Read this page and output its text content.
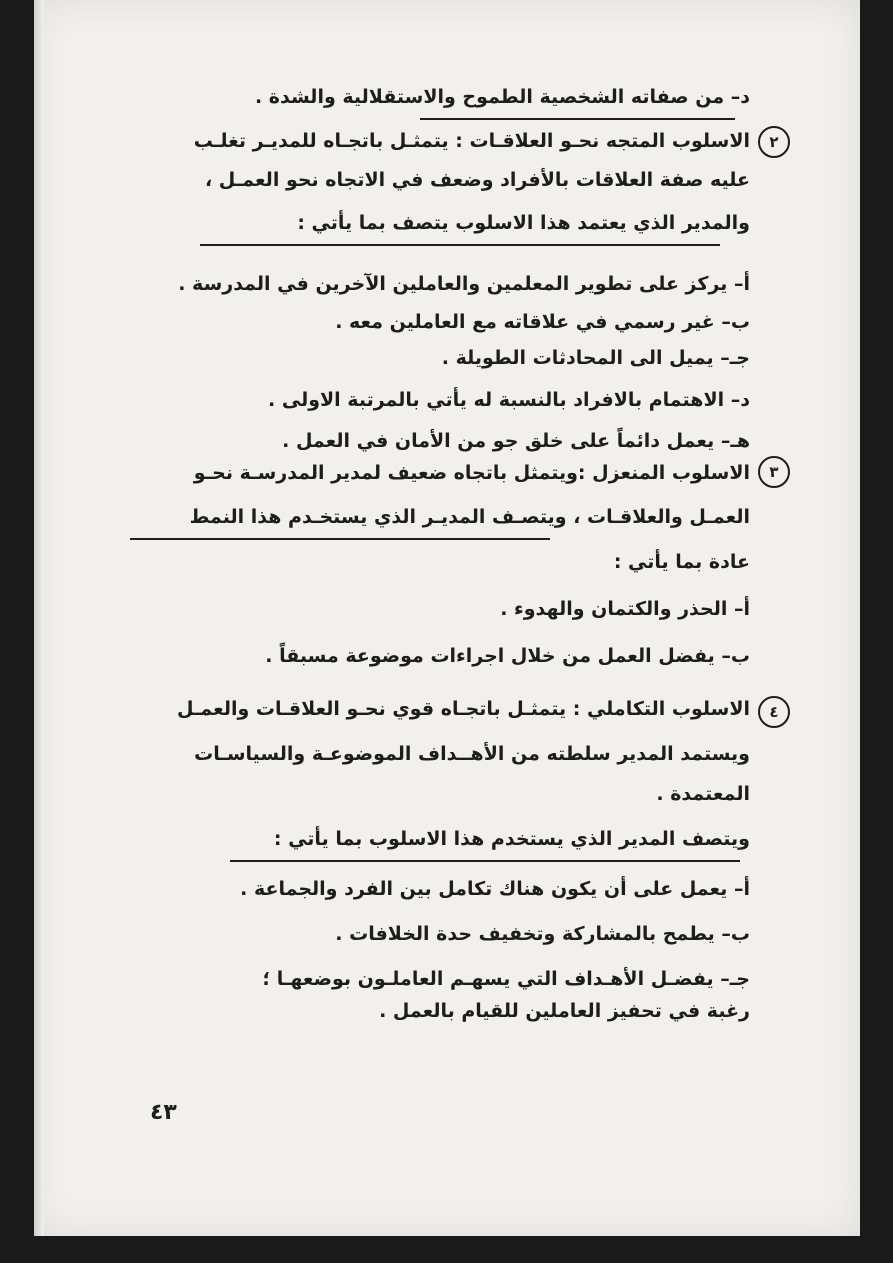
د– من صفاته الشخصية الطموح والاستقلالية والشدة .
٢
الاسلوب المتجه نحـو العلاقـات : يتمثـل باتجـاه للمديـر تغلـب
عليه صفة العلاقات بالأفراد وضعف في الاتجاه نحو العمـل ،
والمدير الذي يعتمد هذا الاسلوب يتصف بما يأتي :
أ– يركز على تطوير المعلمين والعاملين الآخرين في المدرسة .
ب– غير رسمي في علاقاته مع العاملين معه .
جـ– يميل الى المحادثات الطويلة .
د– الاهتمام بالافراد بالنسبة له يأتي بالمرتبة الاولى .
هـ– يعمل دائماً على خلق جو من الأمان في العمل .
٣
الاسلوب المنعزل :ويتمثل باتجاه ضعيف لمدير المدرسـة نحـو
العمـل والعلاقـات ، ويتصـف المديـر الذي يستخـدم هذا النمط
عادة بما يأتي :
أ– الحذر والكتمان والهدوء .
ب– يفضل العمل من خلال اجراءات موضوعة مسبقاً .
٤
الاسلوب التكاملي : يتمثـل باتجـاه قوي نحـو العلاقـات والعمـل
ويستمد المدير سلطته من الأهــداف الموضوعـة والسياسـات
المعتمدة .
ويتصف المدير الذي يستخدم هذا الاسلوب بما يأتي :
أ– يعمل على أن يكون هناك تكامل بين الفرد والجماعة .
ب– يطمح بالمشاركة وتخفيف حدة الخلافات .
جـ– يفضـل الأهـداف التي يسهـم العاملـون بوضعهـا ؛
رغبة في تحفيز العاملين للقيام بالعمل .
٤٣
